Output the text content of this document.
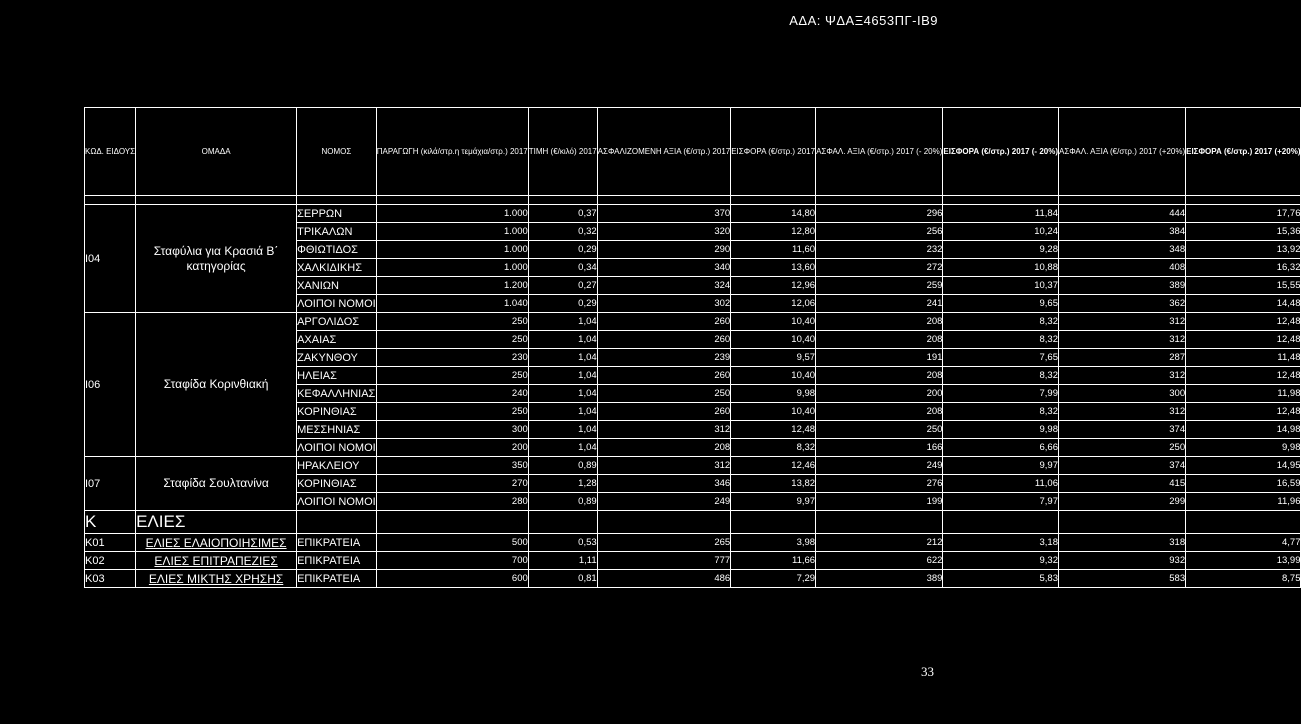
ΑΔΑ: ΨΔΑΞ4653ΠΓ-ΙΒ9
ΚΩΔ. ΕΙΔΟΥΣ	ΟΜΑΔΑ	ΝΟΜΟΣ	ΠΑΡΑΓΩΓΗ (κιλά/στρ.η τεμάχια/στρ.) 2017	ΤΙΜΗ (€/κιλό) 2017	ΑΣΦΑΛΙΖΟΜΕΝΗ ΑΞΙΑ (€/στρ.) 2017	ΕΙΣΦΟΡΑ (€/στρ.) 2017	ΑΣΦΑΛ. ΑΞΙΑ (€/στρ.) 2017 (- 20%)	ΕΙΣΦΟΡΑ (€/στρ.) 2017 (- 20%)	ΑΣΦΑΛ. ΑΞΙΑ (€/στρ.) 2017 (+20%)	ΕΙΣΦΟΡΑ (€/στρ.) 2017 (+20%)

Ι04	Σταφύλια για Κρασιά Β΄ κατηγορίας	ΣΕΡΡΩΝ	1.000	0,37	370	14,80	296	11,84	444	17,76
		ΤΡΙΚΑΛΩΝ	1.000	0,32	320	12,80	256	10,24	384	15,36
		ΦΘΙΩΤΙΔΟΣ	1.000	0,29	290	11,60	232	9,28	348	13,92
		ΧΑΛΚΙΔΙΚΗΣ	1.000	0,34	340	13,60	272	10,88	408	16,32
		ΧΑΝΙΩΝ	1.200	0,27	324	12,96	259	10,37	389	15,55
		ΛΟΙΠΟΙ ΝΟΜΟΙ	1.040	0,29	302	12,06	241	9,65	362	14,48
Ι06	Σταφίδα Κορινθιακή	ΑΡΓΟΛΙΔΟΣ	250	1,04	260	10,40	208	8,32	312	12,48
		ΑΧΑΙΑΣ	250	1,04	260	10,40	208	8,32	312	12,48
		ΖΑΚΥΝΘΟΥ	230	1,04	239	9,57	191	7,65	287	11,48
		ΗΛΕΙΑΣ	250	1,04	260	10,40	208	8,32	312	12,48
		ΚΕΦΑΛΛΗΝΙΑΣ	240	1,04	250	9,98	200	7,99	300	11,98
		ΚΟΡΙΝΘΙΑΣ	250	1,04	260	10,40	208	8,32	312	12,48
		ΜΕΣΣΗΝΙΑΣ	300	1,04	312	12,48	250	9,98	374	14,98
		ΛΟΙΠΟΙ ΝΟΜΟΙ	200	1,04	208	8,32	166	6,66	250	9,98
Ι07	Σταφίδα Σουλτανίνα	ΗΡΑΚΛΕΙΟΥ	350	0,89	312	12,46	249	9,97	374	14,95
		ΚΟΡΙΝΘΙΑΣ	270	1,28	346	13,82	276	11,06	415	16,59
		ΛΟΙΠΟΙ ΝΟΜΟΙ	280	0,89	249	9,97	199	7,97	299	11,96
Κ	ΕΛΙΕΣ									
Κ01	ΕΛΙΕΣ ΕΛΑΙΟΠΟΙΗΣΙΜΕΣ	ΕΠΙΚΡΑΤΕΙΑ	500	0,53	265	3,98	212	3,18	318	4,77
Κ02	ΕΛΙΕΣ ΕΠΙΤΡΑΠΕΖΙΕΣ	ΕΠΙΚΡΑΤΕΙΑ	700	1,11	777	11,66	622	9,32	932	13,99
Κ03	ΕΛΙΕΣ ΜΙΚΤΗΣ ΧΡΗΣΗΣ	ΕΠΙΚΡΑΤΕΙΑ	600	0,81	486	7,29	389	5,83	583	8,75
33
